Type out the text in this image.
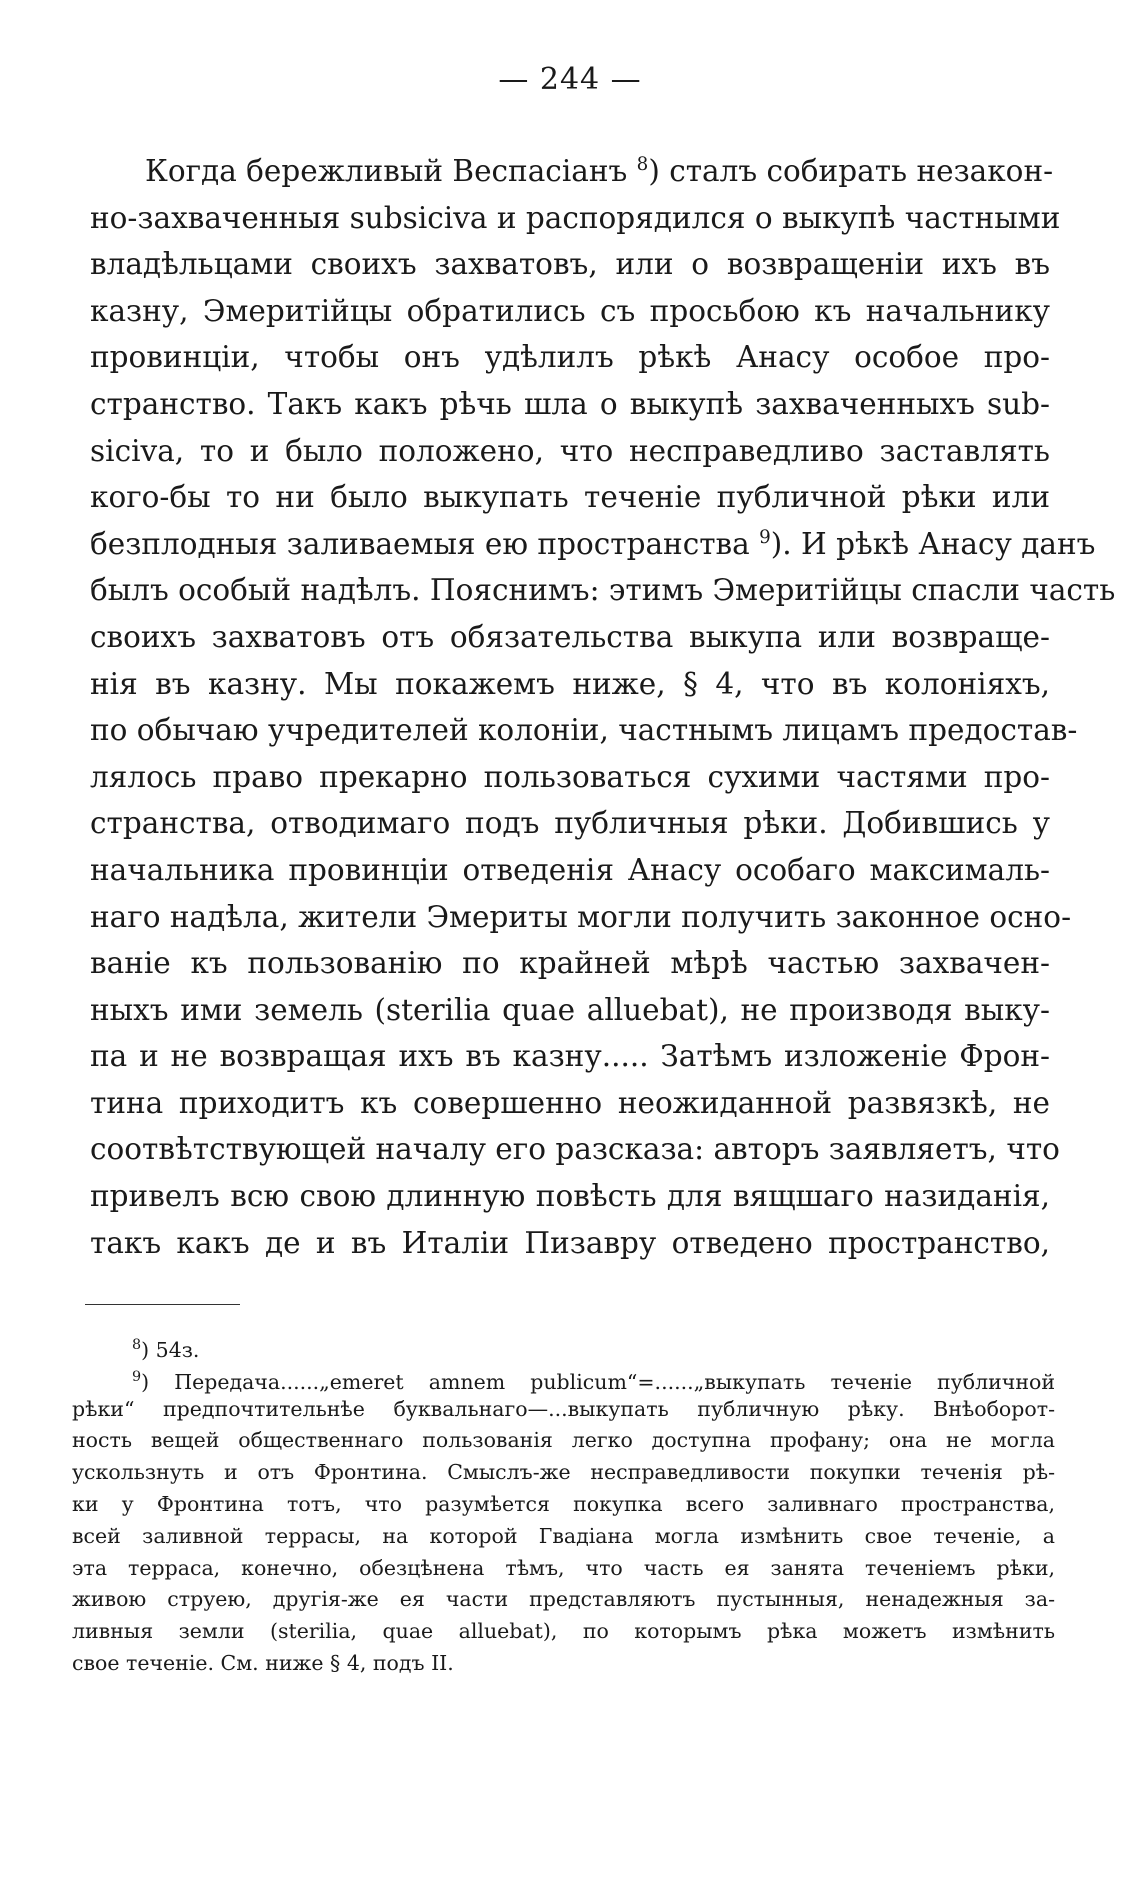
— 244 —
Когда бережливый Веспасіанъ $^8$) сталъ собирать незакон-
но-захваченныя subsiciva и распорядился о выкупѣ частными
владѣльцами своихъ захватовъ, или о возвращеніи ихъ въ
казну, Эмеритійцы обратились съ просьбою къ начальнику
провинціи, чтобы онъ удѣлилъ рѣкѣ Анасу особое про-
странство. Такъ какъ рѣчь шла о выкупѣ захваченныхъ sub-
siciva, то и было положено, что несправедливо заставлять
кого-бы то ни было выкупать теченіе публичной рѣки или
безплодныя заливаемыя ею пространства $^9$). И рѣкѣ Анасу данъ
былъ особый надѣлъ. Пояснимъ: этимъ Эмеритійцы спасли часть
своихъ захватовъ отъ обязательства выкупа или возвраще-
нія въ казну. Мы покажемъ ниже, § 4, что въ колоніяхъ,
по обычаю учредителей колоніи, частнымъ лицамъ предостав-
лялось право прекарно пользоваться сухими частями про-
странства, отводимаго подъ публичныя рѣки. Добившись у
начальника провинціи отведенія Анасу особаго максималь-
наго надѣла, жители Эмериты могли получить законное осно-
ваніе къ пользованію по крайней мѣрѣ частью захвачен-
ныхъ ими земель (sterilia quae alluebat), не производя выку-
па и не возвращая ихъ въ казну..... Затѣмъ изложеніе Фрон-
тина приходитъ къ совершенно неожиданной развязкѣ, не
соотвѣтствующей началу его разсказа: авторъ заявляетъ, что
привелъ всю свою длинную повѣсть для вящшаго назиданія,
такъ какъ де и въ Италіи Пизавру отведено пространство,
$^8$) 54з.
$^9$) Передача......„emeret amnem publicum“=......„выкупать теченіе публичной
рѣки“ предпочтительнѣе буквальнаго—...выкупать публичную рѣку. Внѣоборот-
ность вещей общественнаго пользованія легко доступна профану; она не могла
ускользнуть и отъ Фронтина. Смыслъ-же несправедливости покупки теченія рѣ-
ки у Фронтина тотъ, что разумѣется покупка всего заливнаго пространства,
всей заливной террасы, на которой Гвадіана могла измѣнить свое теченіе, а
эта терраса, конечно, обезцѣнена тѣмъ, что часть ея занята теченіемъ рѣки,
живою струею, другія-же ея части представляютъ пустынныя, ненадежныя за-
ливныя земли (sterilia, quae alluebat), по которымъ рѣка можетъ измѣнить
свое теченіе. См. ниже § 4, подъ II.
